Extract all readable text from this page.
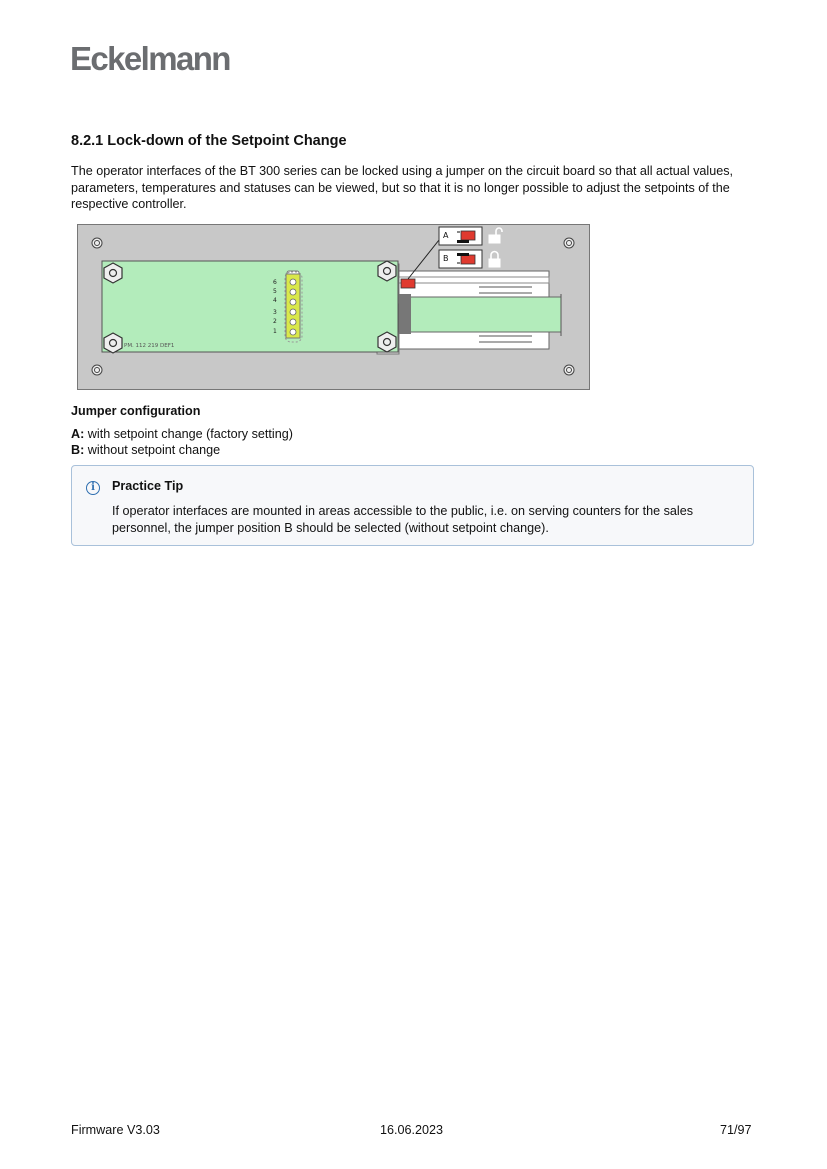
Eckelmann
8.2.1 Lock-down of the Setpoint Change
The operator interfaces of the BT 300 series can be locked using a jumper on the circuit board so that all actual values, parameters, temperatures and statuses can be viewed, but so that it is no longer possible to adjust the setpoints of the respective controller.
6
5
4
3
2
1
PM. 112 219 DEF1
A
B
Jumper configuration
A: with setpoint change (factory setting)
B: without setpoint change
i	Practice Tip
If operator interfaces are mounted in areas accessible to the public, i.e. on serving counters for the sales personnel, the jumper position B should be selected (without setpoint change).
Firmware V3.03	16.06.2023	71/97
